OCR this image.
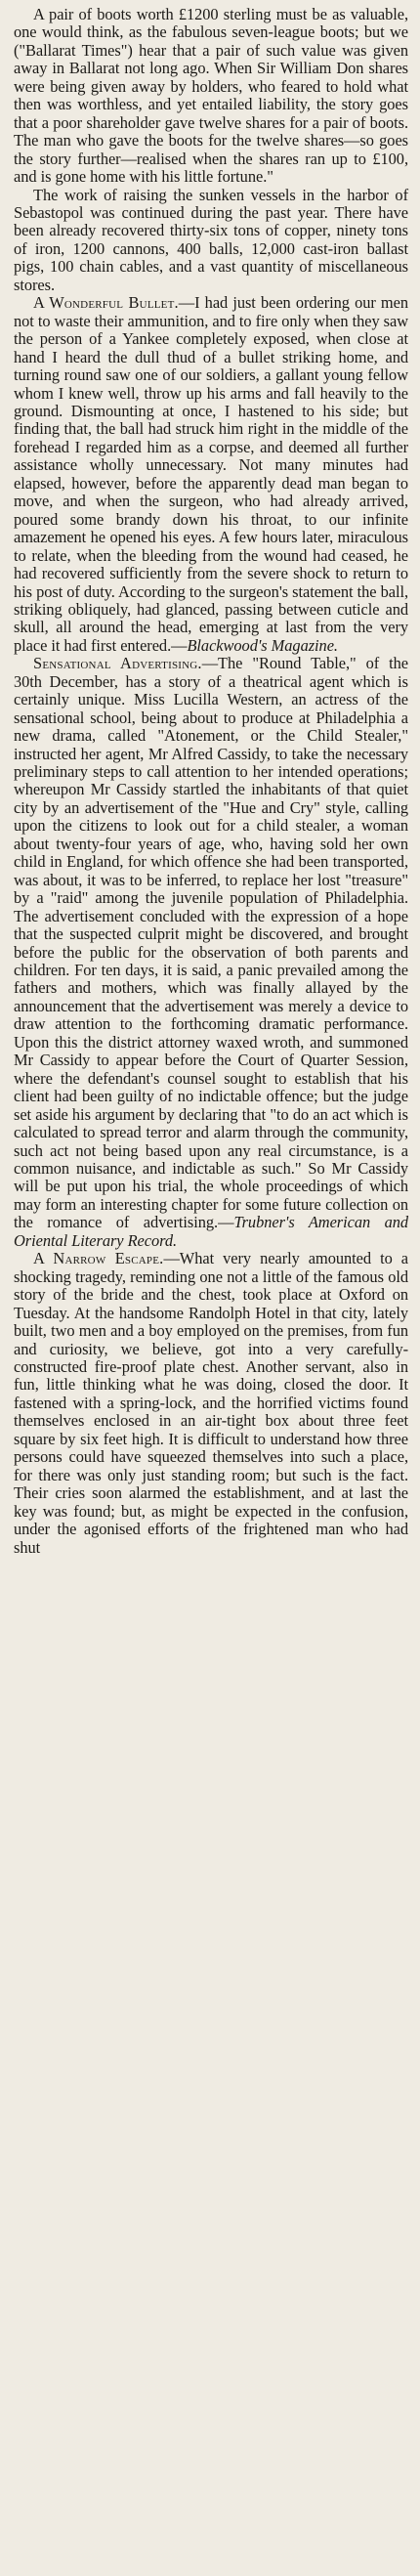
A pair of boots worth £1200 sterling must be as valuable, one would think, as the fabulous seven-league boots; but we ("Ballarat Times") hear that a pair of such value was given away in Ballarat not long ago. When Sir William Don shares were being given away by holders, who feared to hold what then was worthless, and yet entailed liability, the story goes that a poor shareholder gave twelve shares for a pair of boots. The man who gave the boots for the twelve shares—so goes the story further—realised when the shares ran up to £100, and is gone home with his little fortune."

The work of raising the sunken vessels in the harbor of Sebastopol was continued during the past year. There have been already recovered thirty-six tons of copper, ninety tons of iron, 1200 cannons, 400 balls, 12,000 cast-iron ballast pigs, 100 chain cables, and a vast quantity of miscellaneous stores.

A Wonderful Bullet.—I had just been ordering our men not to waste their ammunition, and to fire only when they saw the person of a Yankee completely exposed, when close at hand I heard the dull thud of a bullet striking home, and turning round saw one of our soldiers, a gallant young fellow whom I knew well, throw up his arms and fall heavily to the ground. Dismounting at once, I hastened to his side; but finding that, the ball had struck him right in the middle of the forehead I regarded him as a corpse, and deemed all further assistance wholly unnecessary. Not many minutes had elapsed, however, before the apparently dead man began to move, and when the surgeon, who had already arrived, poured some brandy down his throat, to our infinite amazement he opened his eyes. A few hours later, miraculous to relate, when the bleeding from the wound had ceased, he had recovered sufficiently from the severe shock to return to his post of duty. According to the surgeon's statement the ball, striking obliquely, had glanced, passing between cuticle and skull, all around the head, emerging at last from the very place it had first entered.—Blackwood's Magazine.

Sensational Advertising.—The "Round Table," of the 30th December, has a story of a theatrical agent which is certainly unique. Miss Lucilla Western, an actress of the sensational school, being about to produce at Philadelphia a new drama, called "Atonement, or the Child Stealer," instructed her agent, Mr Alfred Cassidy, to take the necessary preliminary steps to call attention to her intended operations; whereupon Mr Cassidy startled the inhabitants of that quiet city by an advertisement of the "Hue and Cry" style, calling upon the citizens to look out for a child stealer, a woman about twenty-four years of age, who, having sold her own child in England, for which offence she had been transported, was about, it was to be inferred, to replace her lost "treasure" by a "raid" among the juvenile population of Philadelphia. The advertisement concluded with the expression of a hope that the suspected culprit might be discovered, and brought before the public for the observation of both parents and children. For ten days, it is said, a panic prevailed among the fathers and mothers, which was finally allayed by the announcement that the advertisement was merely a device to draw attention to the forthcoming dramatic performance. Upon this the district attorney waxed wroth, and summoned Mr Cassidy to appear before the Court of Quarter Session, where the defendant's counsel sought to establish that his client had been guilty of no indictable offence; but the judge set aside his argument by declaring that "to do an act which is calculated to spread terror and alarm through the community, such act not being based upon any real circumstance, is a common nuisance, and indictable as such." So Mr Cassidy will be put upon his trial, the whole proceedings of which may form an interesting chapter for some future collection on the romance of advertising.—Trubner's American and Oriental Literary Record.

A Narrow Escape.—What very nearly amounted to a shocking tragedy, reminding one not a little of the famous old story of the bride and the chest, took place at Oxford on Tuesday. At the handsome Randolph Hotel in that city, lately built, two men and a boy employed on the premises, from fun and curiosity, we believe, got into a very carefully-constructed fire-proof plate chest. Another servant, also in fun, little thinking what he was doing, closed the door. It fastened with a spring-lock, and the horrified victims found themselves enclosed in an air-tight box about three feet square by six feet high. It is difficult to understand how three persons could have squeezed themselves into such a place, for there was only just standing room; but such is the fact. Their cries soon alarmed the establishment, and at last the key was found; but, as might be expected in the confusion, under the agonised efforts of the frightened man who had shut
